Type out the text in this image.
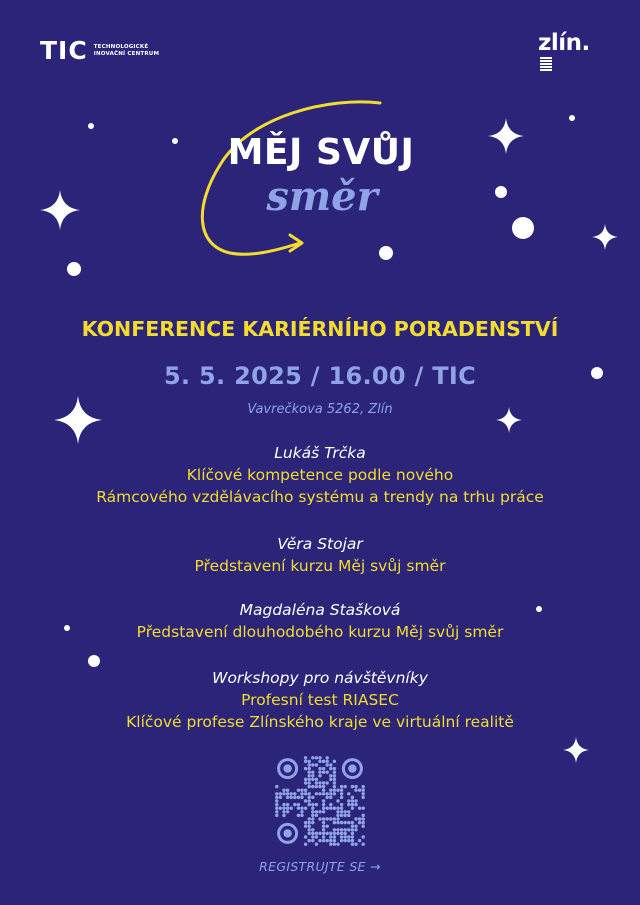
TIC TECHNOLOGICKÉ
INOVAČNÍ CENTRUM	zlín.
MĚJ SVŮJ
směr
KONFERENCE KARIÉRNÍHO PORADENSTVÍ
5. 5. 2025 / 16.00 / TIC
Vavrečkova 5262, Zlín
Lukáš Trčka
Klíčové kompetence podle nového
Rámcového vzdělávacího systému a trendy na trhu práce
Věra Stojar
Představení kurzu Měj svůj směr
Magdaléna Stašková
Představení dlouhodobého kurzu Měj svůj směr
Workshopy pro návštěvníky
Profesní test RIASEC
Klíčové profese Zlínského kraje ve virtuální realitě
REGISTRUJTE SE →
